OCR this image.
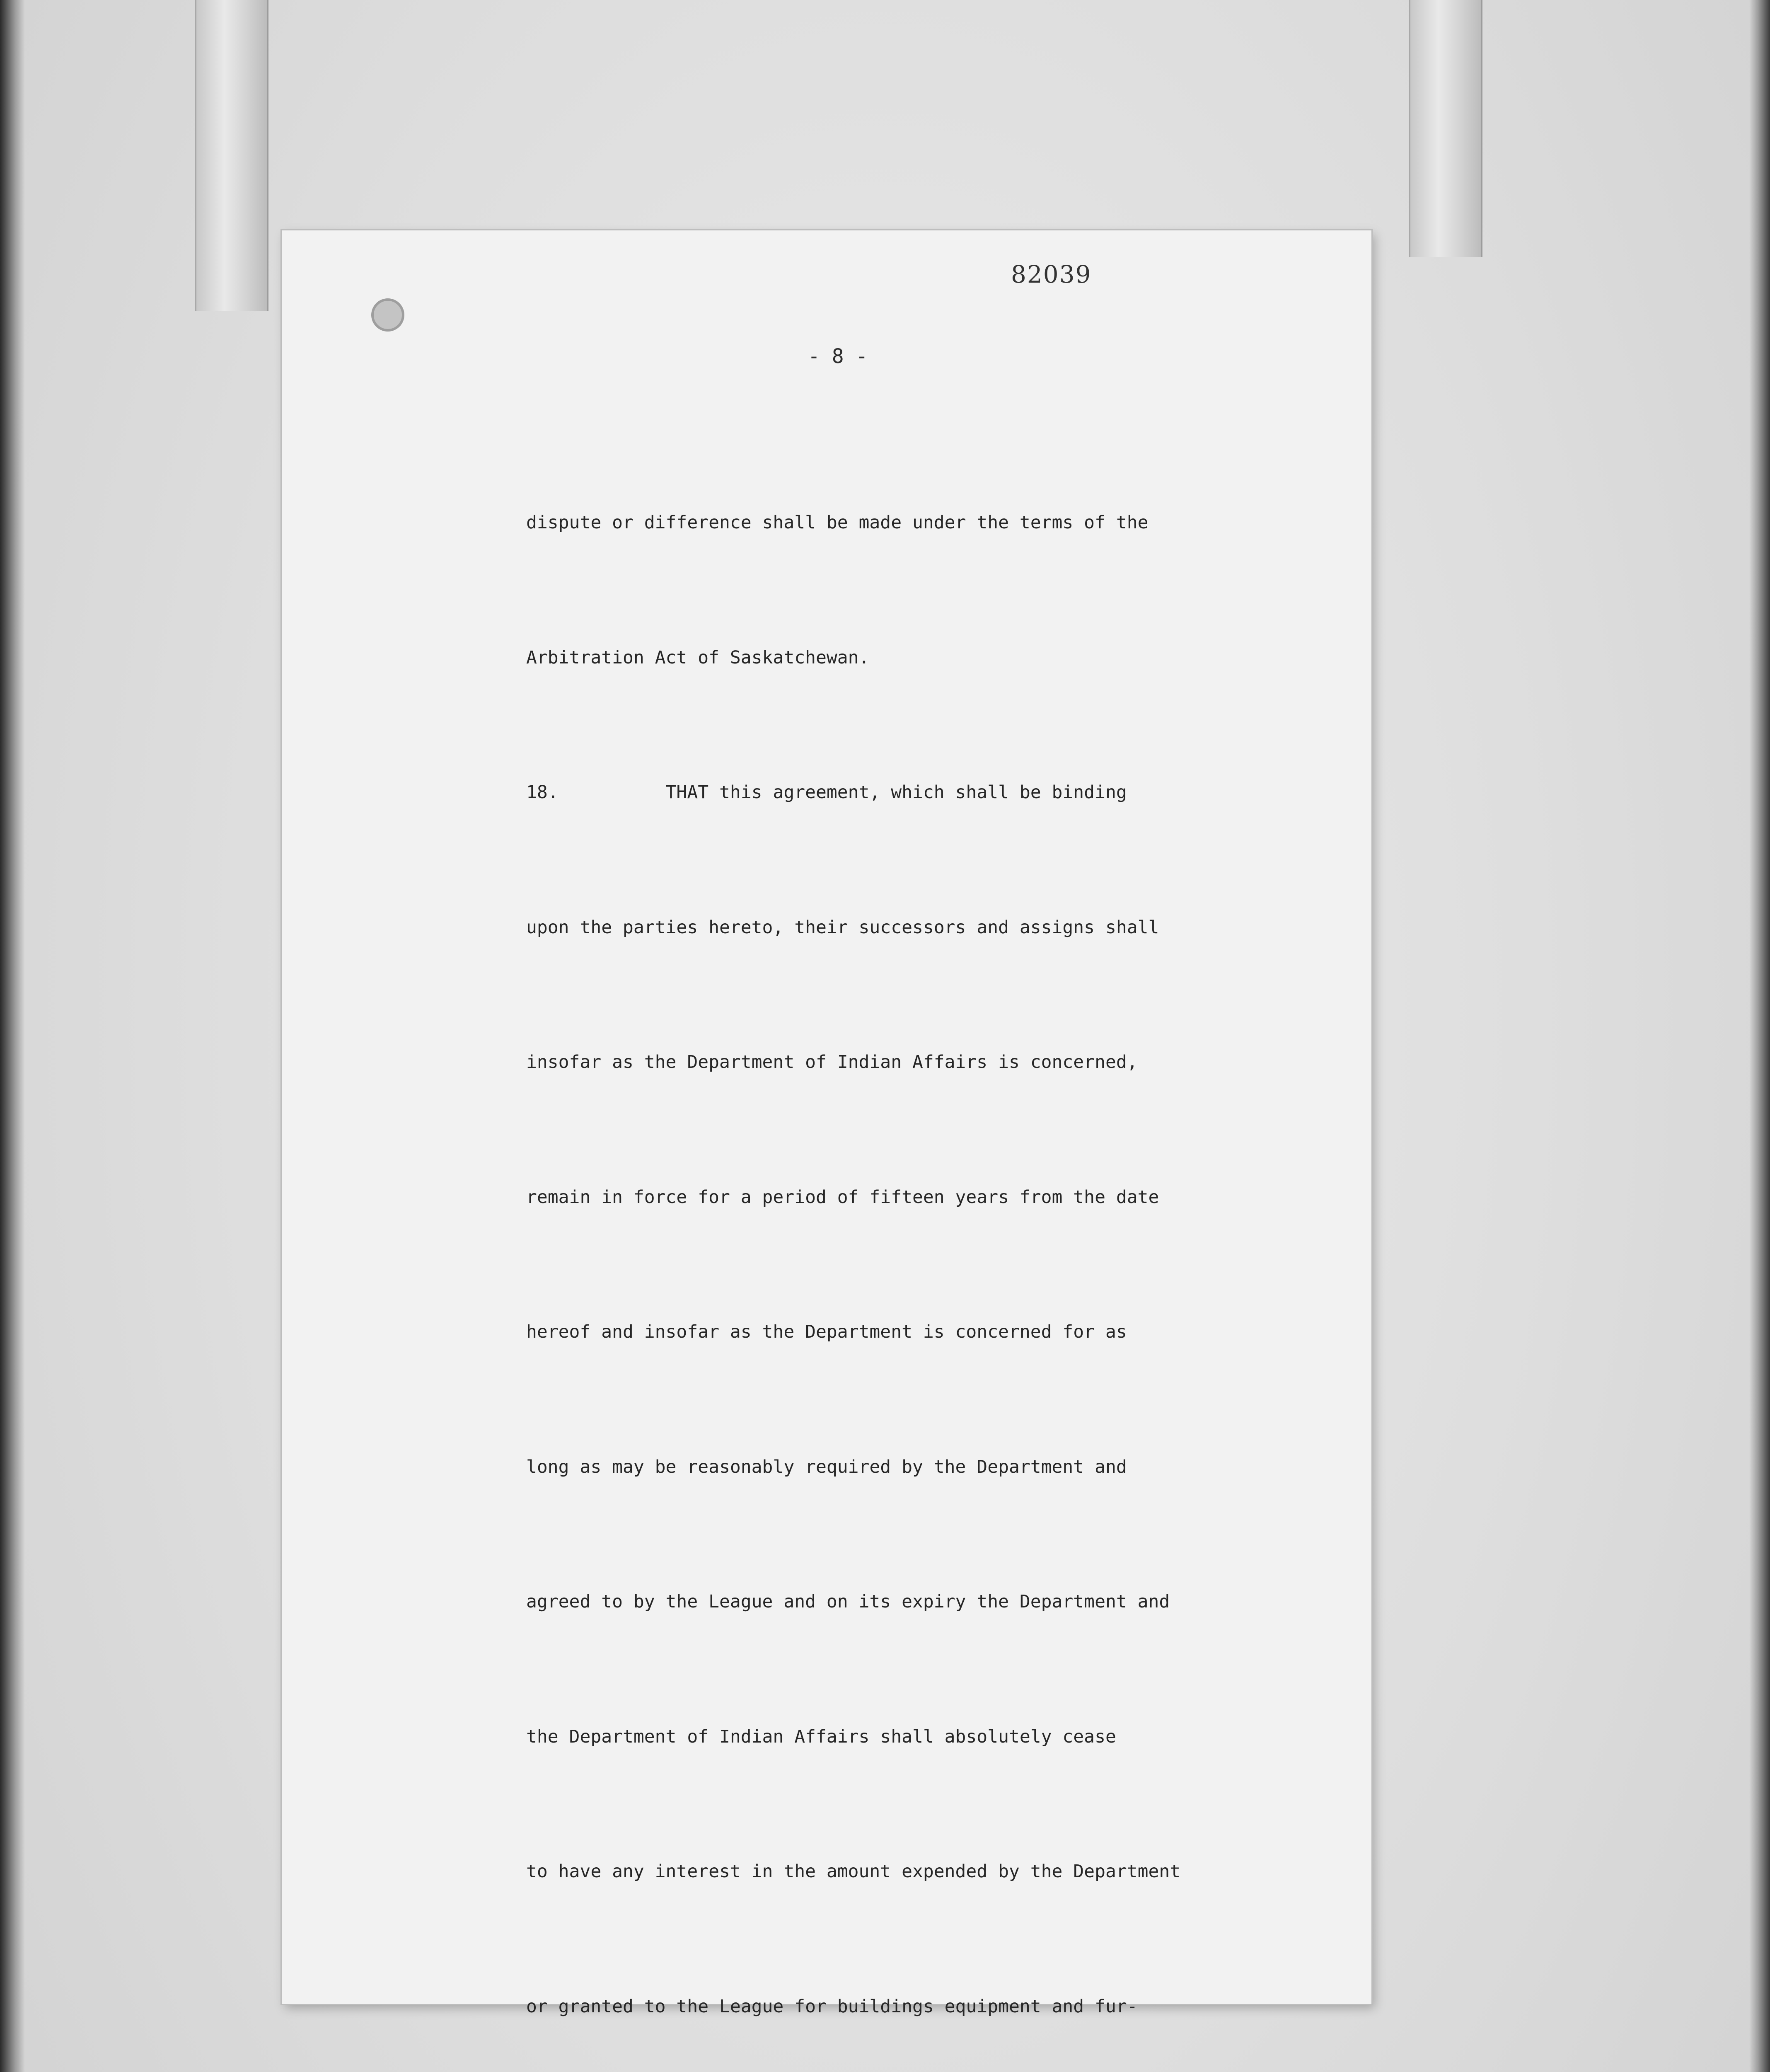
82039
- 8 -

dispute or difference shall be made under the terms of the

Arbitration Act of Saskatchewan.

18.          THAT this agreement, which shall be binding

upon the parties hereto, their successors and assigns shall

insofar as the Department of Indian Affairs is concerned,

remain in force for a period of fifteen years from the date

hereof and insofar as the Department is concerned for as

long as may be reasonably required by the Department and

agreed to by the League and on its expiry the Department and

the Department of Indian Affairs shall absolutely cease

to have any interest in the amount expended by the Department

or granted to the League for buildings equipment and fur-
